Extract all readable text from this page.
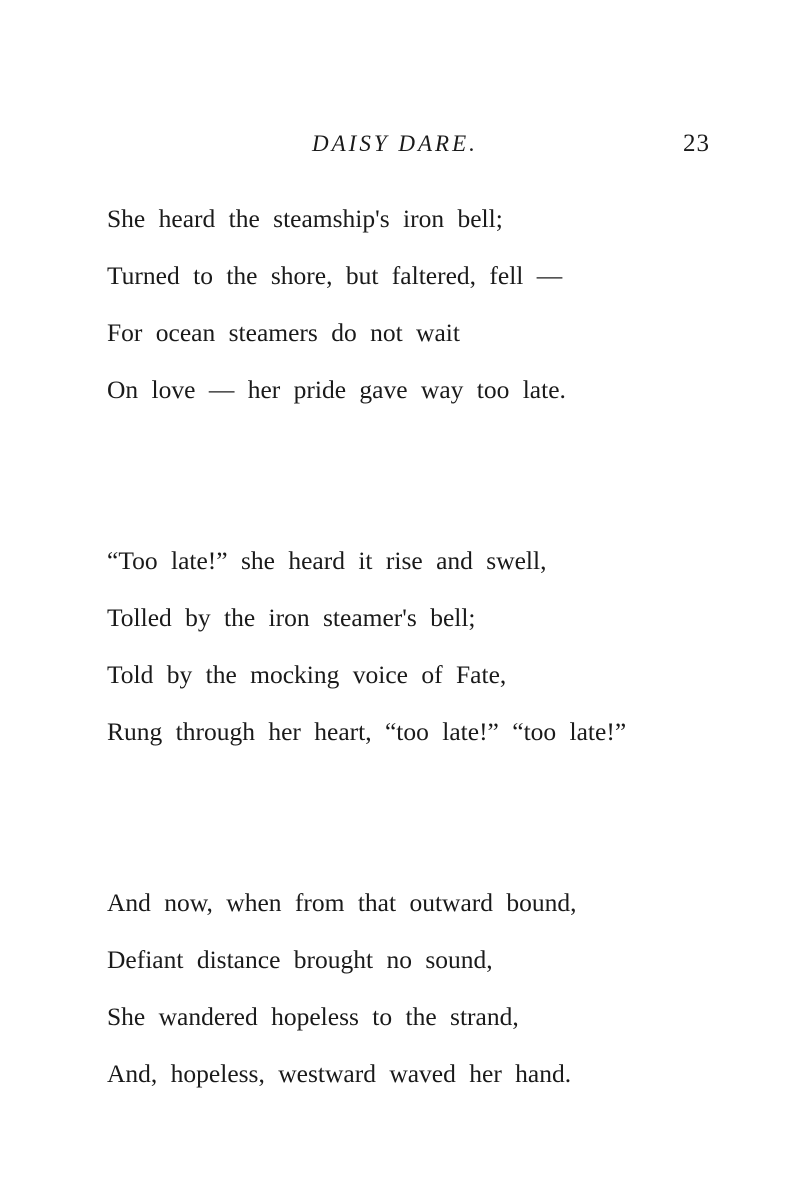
DAISY DARE.	23
She heard the steamship's iron bell;
Turned to the shore, but faltered, fell —
For ocean steamers do not wait
On love — her pride gave way too late.
“Too late!” she heard it rise and swell,
Tolled by the iron steamer's bell;
Told by the mocking voice of Fate,
Rung through her heart, “too late!” “too late!”
And now, when from that outward bound,
Defiant distance brought no sound,
She wandered hopeless to the strand,
And, hopeless, westward waved her hand.
